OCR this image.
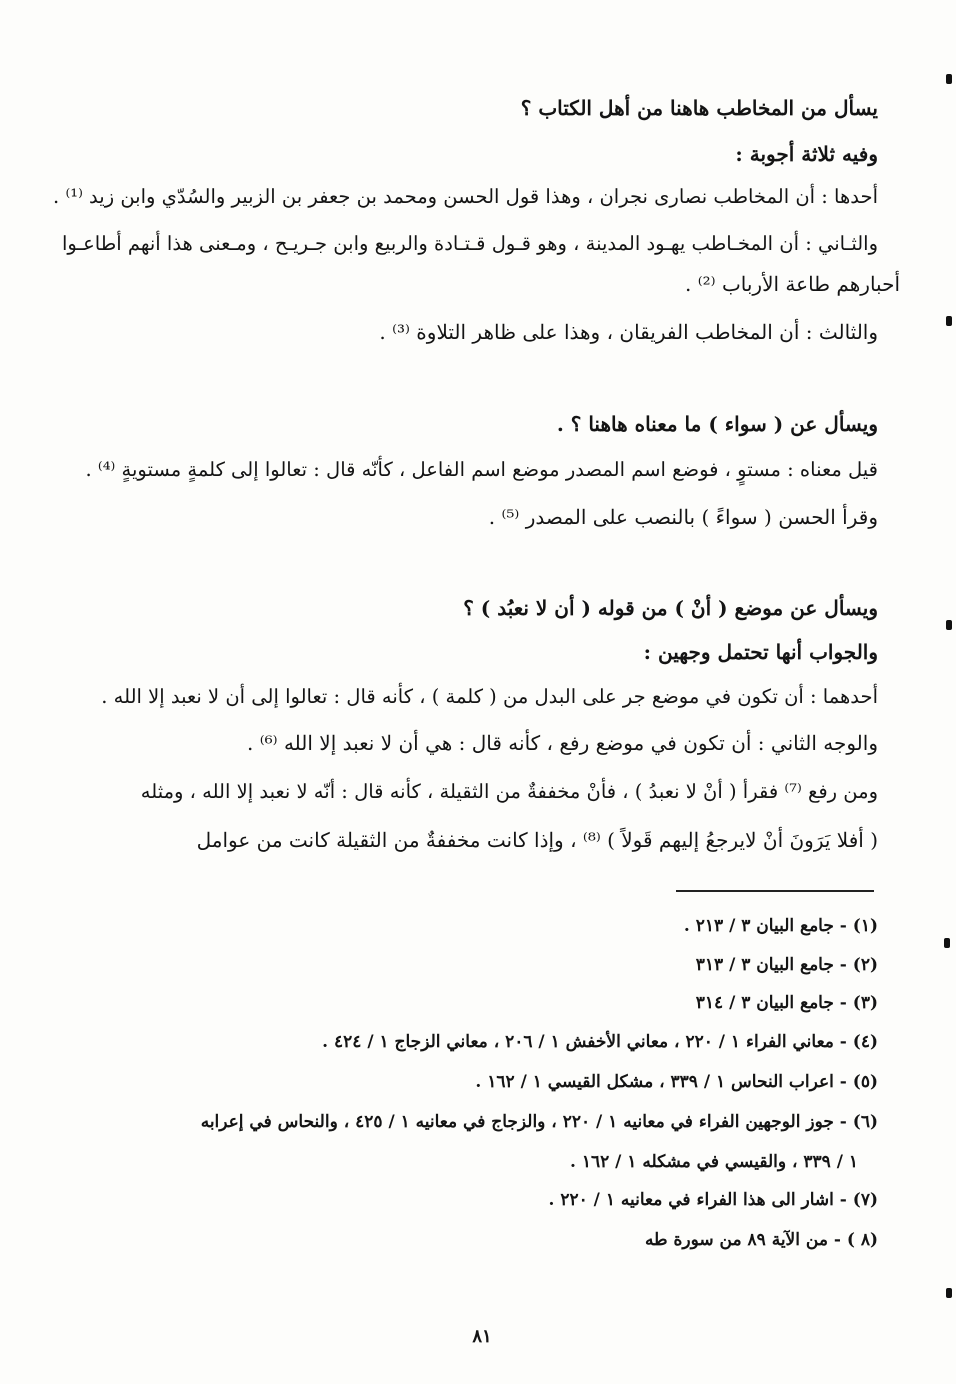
يسأل من المخاطب هاهنا من أهل الكتاب ؟
وفيه ثلاثة أجوبة :
أحدها : أن المخاطب نصارى نجران ، وهذا قول الحسن ومحمد بن جعفر بن الزبير والسُدّي وابن زيد ⁽¹⁾ .
والثـاني : أن المخـاطب يهـود المدينة ، وهو قـول قـتـادة والربيع وابن جـريـح ، ومـعنى هذا أنهم أطاعـوا
أحبارهم طاعة الأرباب ⁽²⁾ .
والثالث : أن المخاطب الفريقان ، وهذا على ظاهر التلاوة ⁽³⁾ .
ويسأل عن ( سواء ) ما معناه هاهنا ؟ .
قيل معناه : مستوٍ ، فوضع اسم المصدر موضع اسم الفاعل ، كأنّه قال : تعالوا إلى كلمةٍ مستويةٍ ⁽⁴⁾ .
وقرأ الحسن ( سواءً ) بالنصب على المصدر ⁽⁵⁾ .
ويسأل عن موضع ( أنْ ) من قوله ( أن لا نعبُد ) ؟
والجواب أنها تحتمل وجهين :
أحدهما : أن تكون في موضع جر على البدل من ( كلمة ) ، كأنه قال : تعالوا إلى أن لا نعبد إلا الله .
والوجه الثاني : أن تكون في موضع رفع ، كأنه قال : هي أن لا نعبد إلا الله ⁽⁶⁾ .
ومن رفع ⁽⁷⁾ فقرأ ( أنْ لا نعبدُ ) ، فأنْ مخففةٌ من الثقيلة ، كأنه قال : أنّه لا نعبد إلا الله ، ومثله
( أفلا يَرَونَ أنْ لايرجعُ إليهم قَولاً ) ⁽⁸⁾ ، وإذا كانت مخففةٌ من الثقيلة كانت من عوامل
(١) - جامع البيان ٣ / ٢١٣ .
(٢) - جامع البيان ٣ / ٣١٣
(٣) - جامع البيان ٣ / ٣١٤
(٤) - معاني الفراء ١ / ٢٢٠ ، معاني الأخفش ١ / ٢٠٦ ، معاني الزجاج ١ / ٤٢٤ .
(٥) - اعراب النحاس ١ / ٣٣٩ ، مشكل القيسي ١ / ١٦٢ .
(٦) - جوز الوجهين الفراء في معانيه ١ / ٢٢٠ ، والزجاج في معانيه ١ / ٤٢٥ ، والنحاس في إعرابه
١ / ٣٣٩ ، والقيسي في مشكله ١ / ١٦٢ .
(٧) - اشار الى هذا الفراء في معانيه ١ / ٢٢٠ .
(٨ ) - من الآية ٨٩ من سورة طه
٨١
